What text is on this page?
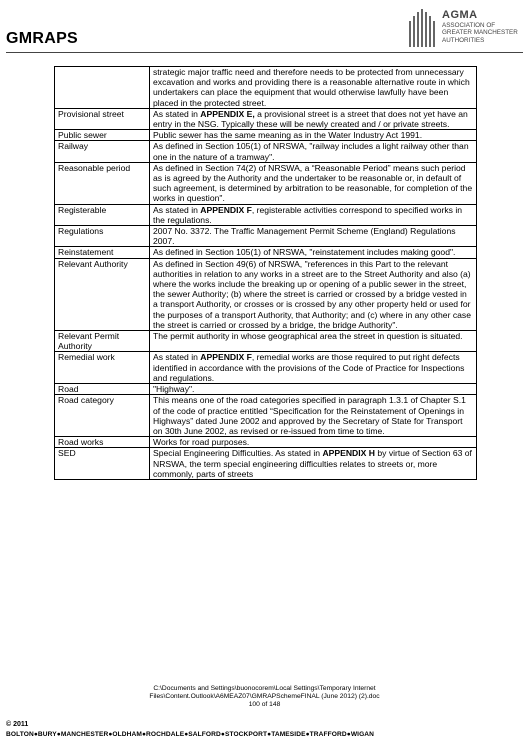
GMRAPS
AGMA
ASSOCIATION OF
GREATER MANCHESTER
AUTHORITIES
	strategic major traffic need and therefore needs to be protected from unnecessary excavation and works and providing there is a reasonable alternative route in which undertakers can place the equipment that would otherwise lawfully have been placed in the protected street.
Provisional street	As stated in APPENDIX E, a provisional street is a street that does not yet have an entry in the NSG. Typically these will be newly created and / or private streets.
Public sewer	Public sewer has the same meaning as in the Water Industry Act 1991.
Railway	As defined in Section 105(1) of NRSWA, "railway includes a light railway other than one in the nature of a tramway".
Reasonable period	As defined in Section 74(2) of NRSWA, a “Reasonable Period” means such period as is agreed by the Authority and the undertaker to be reasonable or, in default of such agreement, is determined by arbitration to be reasonable, for completion of the works in question".
Registerable	As stated in APPENDIX F, registerable activities correspond to specified works in the regulations.
Regulations	2007 No. 3372. The Traffic Management Permit Scheme (England) Regulations 2007.
Reinstatement	As defined in Section 105(1) of NRSWA, "reinstatement includes making good".
Relevant Authority	As defined in Section 49(6) of NRSWA, "references in this Part to the relevant authorities in relation to any works in a street are to the Street Authority and also (a) where the works include the breaking up or opening of a public sewer in the street, the sewer Authority; (b) where the street is carried or crossed by a bridge vested in a transport Authority, or crosses or is crossed by any other property held or used for the purposes of a transport Authority, that Authority; and (c) where in any other case the street is carried or crossed by a bridge, the bridge Authority".
Relevant Permit Authority	The permit authority in whose geographical area the street in question is situated.
Remedial work	As stated in APPENDIX F, remedial works are those required to put right defects identified in accordance with the provisions of the Code of Practice for Inspections and regulations.
Road	"Highway".
Road category	This means one of the road categories specified in paragraph 1.3.1 of Chapter S.1 of the code of practice entitled “Specification for the Reinstatement of Openings in Highways” dated June 2002 and approved by the Secretary of State for Transport on 30th June 2002, as revised or re-issued from time to time.
Road works	Works for road purposes.
SED	Special Engineering Difficulties. As stated in APPENDIX H by virtue of Section 63 of NRSWA, the term special engineering difficulties relates to streets or, more commonly, parts of streets
C:\Documents and Settings\buonocorem\Local Settings\Temporary Internet
Files\Content.Outlook\A6MEAZ07\GMRAPSchemeFINAL (June 2012) (2).doc
100 of 148
© 2011
BOLTON●BURY●MANCHESTER●OLDHAM●ROCHDALE●SALFORD●STOCKPORT●TAMESIDE●TRAFFORD●WIGAN
